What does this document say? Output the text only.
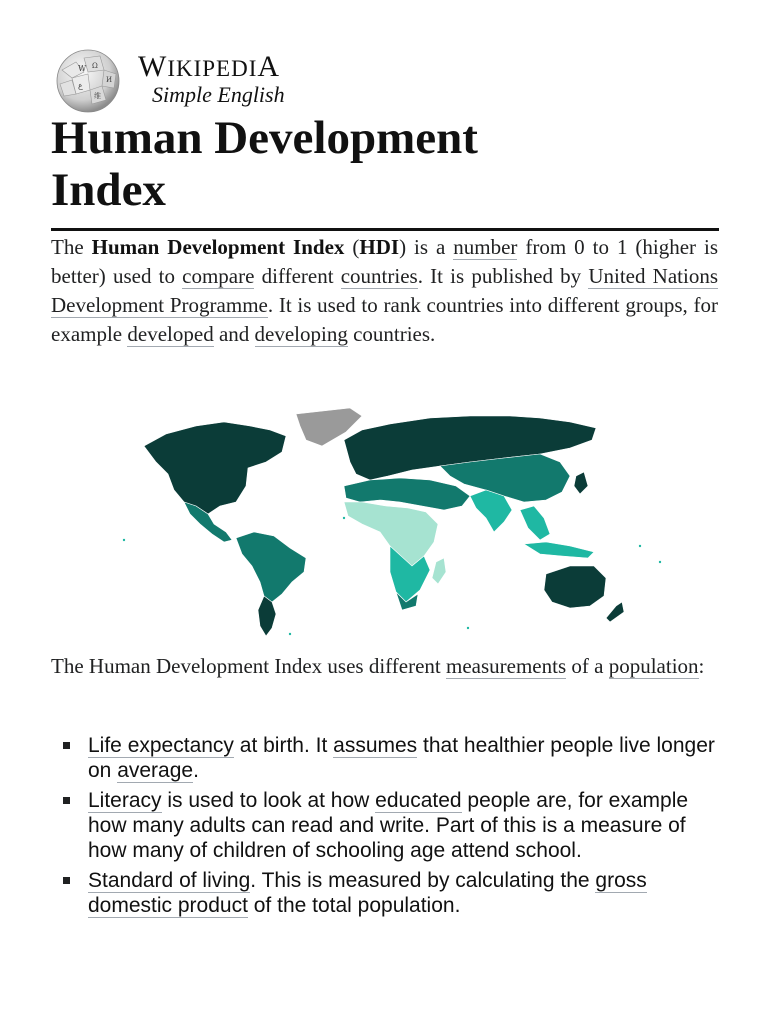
W Ω
И
ع
维
WIKIPEDIA
Simple English
Human Development
Index

The Human Development Index (HDI) is a number from 0 to 1 (higher is better) used to compare different countries. It is published by United Nations Development Programme. It is used to rank countries into different groups, for example developed and developing countries.

The Human Development Index uses different measurements of a population:

Life expectancy at birth. It assumes that healthier people live longer on average.
Literacy is used to look at how educated people are, for example how many adults can read and write. Part of this is a measure of how many of children of schooling age attend school.
Standard of living. This is measured by calculating the gross domestic product of the total population.
